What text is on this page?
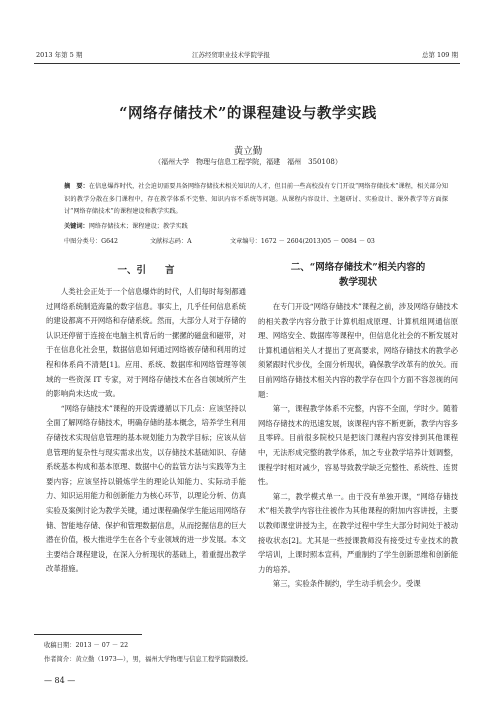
2013 年第 5 期	江苏经贸职业技术学院学报	总第 109 期
“网络存储技术”的课程建设与教学实践
黄立勤
（福州大学　物理与信息工程学院，福建　福州　350108）
摘　要：在信息爆炸时代，社会迫切需要具备网络存储技术相关知识的人才，但目前一些高校没有专门开设“网络存储技术”课程，相关部分知识的教学分散在多门课程中，存在教学体系不完整、知识内容不系统等问题。从课程内容设计、主题研讨、实验设计、课外教学等方面探讨“网络存储技术”的课程建设和教学实践。
关键词：网络存储技术；课程建设；教学实践
中图分类号：G642	文献标志码：A	文章编号：1672 － 2604(2013)05 － 0084 － 03
一、引　　言

人类社会正处于一个信息爆炸的时代，人们每时每刻都通过网络系统制造海量的数字信息。事实上，几乎任何信息系统的建设都离不开网络和存储系统。然而，大部分人对于存储的认识还停留于连接在电脑主机背后的一摞摞的磁盘和磁带，对于在信息化社会里，数据信息如何通过网络被存储和利用的过程和体系尚不清楚[1]。应用、系统、数据库和网络管理等领域的一些资深 IT 专家，对于网络存储技术在各自领域所产生的影响尚未达成一致。

“网络存储技术”课程的开设需遵循以下几点：应该坚持以全面了解网络存储技术，明确存储的基本概念，培养学生利用存储技术实现信息管理的基本规划能力为教学目标；应该从信息管理的复杂性与现实需求出发，以存储技术基础知识、存储系统基本构成和基本原理、数据中心的监管方法与实践等为主要内容；应该坚持以锻炼学生的理论认知能力、实际动手能力、知识运用能力和创新能力为核心环节，以理论分析、仿真实验及案例讨论为教学关键，通过课程确保学生能运用网络存储、智能地存储、保护和管理数据信息，从而挖掘信息的巨大潜在价值，极大推进学生在各个专业领域的进一步发展。本文主要结合课程建设，在深入分析现状的基础上，着重提出教学改革措施。

二、“网络存储技术”相关内容的
教学现状

在专门开设“网络存储技术”课程之前，涉及网络存储技术的相关教学内容分散于计算机组成原理、计算机组网通信原理、网络安全、数据库等课程中，但信息化社会的不断发展对计算机通信相关人才提出了更高要求，网络存储技术的教学必须紧跟时代步伐，全面分析现状，确保教学改革有的放矢。而目前网络存储技术相关内容的教学存在四个方面不容忽视的问题：

第一，课程教学体系不完整，内容不全面，学时少。随着网络存储技术的迅速发展，该课程内容不断更新，教学内容多且零碎。目前很多院校只是把该门课程内容安排到其他课程中，无法形成完整的教学体系，加之专业教学培养计划调整，课程学时相对减少，容易导致教学缺乏完整性、系统性、连贯性。

第二，教学模式单一。由于没有单独开课，“网络存储技术”相关教学内容往往被作为其他课程的附加内容讲授，主要以教师课堂讲授为主，在教学过程中学生大部分时间处于被动接收状态[2]。尤其是一些授课教师没有接受过专业技术的教学培训，上课时照本宣科，严重制约了学生创新思维和创新能力的培养。

第三，实验条件制约，学生动手机会少。受课

收稿日期：2013 － 07 － 22
作者简介：黄立勤（1973—），男，福州大学物理与信息工程学院副教授。
— 84 —
